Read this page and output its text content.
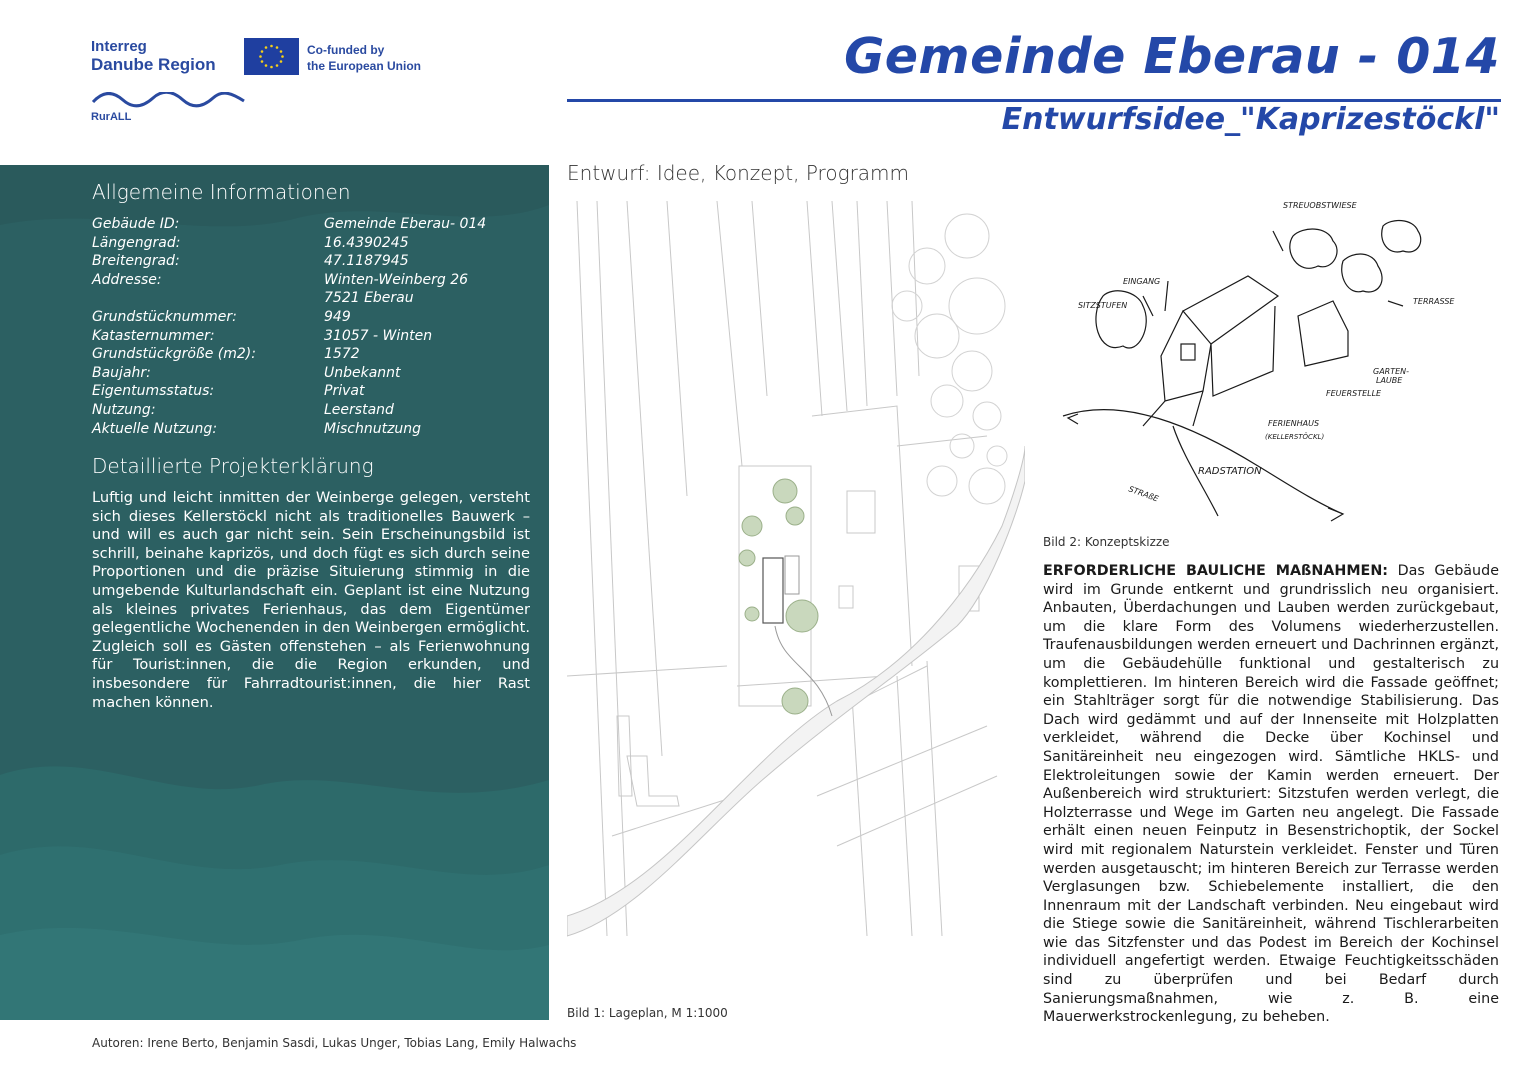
Interreg
Danube Region
Co-funded by
the European Union
RurALL
Gemeinde Eberau - 014
Entwurfsidee_"Kaprizestöckl"
Allgemeine Informationen
Gebäude ID:	Gemeinde Eberau- 014
Längengrad:	16.4390245
Breitengrad:	47.1187945
Addresse:	Winten-Weinberg 26
7521 Eberau
Grundstücknummer:	949
Katasternummer:	31057 - Winten
Grundstückgröße (m2):	1572
Baujahr:	Unbekannt
Eigentumsstatus:	Privat
Nutzung:	Leerstand
Aktuelle Nutzung:	Mischnutzung
Detaillierte Projekterklärung
Luftig und leicht inmitten der Weinberge gelegen, versteht sich dieses Kellerstöckl nicht als traditionelles Bauwerk – und will es auch gar nicht sein. Sein Erscheinungsbild ist schrill, beinahe kaprizös, und doch fügt es sich durch seine Proportionen und die präzise Situierung stimmig in die umgebende Kulturlandschaft ein. Geplant ist eine Nutzung als kleines privates Ferienhaus, das dem Eigentümer gelegentliche Wochenenden in den Weinbergen ermöglicht. Zugleich soll es Gästen offenstehen – als Ferienwohnung für Tourist:innen, die die Region erkunden, und insbesondere für Fahrradtourist:innen, die hier Rast machen können.
Entwurf: Idee, Konzept, Programm
Bild 1: Lageplan, M 1:1000
STREUOBSTWIESE
EINGANG
SITZSTUFEN	TERRASSE
GARTEN-
LAUBE
FEUERSTELLE
FERIENHAUS
(KELLERSTÖCKL)
RADSTATION
STRAßE
Bild 2: Konzeptskizze
ERFORDERLICHE BAULICHE MAßNAHMEN: Das Gebäude wird im Grunde entkernt und grundrisslich neu organisiert. Anbauten, Überdachungen und Lauben werden zurückgebaut, um die klare Form des Volumens wiederherzustellen. Traufenausbildungen werden erneuert und Dachrinnen ergänzt, um die Gebäudehülle funktional und gestalterisch zu komplettieren. Im hinteren Bereich wird die Fassade geöffnet; ein Stahlträger sorgt für die notwendige Stabilisierung. Das Dach wird gedämmt und auf der Innenseite mit Holzplatten verkleidet, während die Decke über Kochinsel und Sanitäreinheit neu eingezogen wird. Sämtliche HKLS- und Elektroleitungen sowie der Kamin werden erneuert. Der Außenbereich wird strukturiert: Sitzstufen werden verlegt, die Holzterrasse und Wege im Garten neu angelegt. Die Fassade erhält einen neuen Feinputz in Besenstrichoptik, der Sockel wird mit regionalem Naturstein verkleidet. Fenster und Türen werden ausgetauscht; im hinteren Bereich zur Terrasse werden Verglasungen bzw. Schiebelemente installiert, die den Innenraum mit der Landschaft verbinden. Neu eingebaut wird die Stiege sowie die Sanitäreinheit, während Tischlerarbeiten wie das Sitzfenster und das Podest im Bereich der Kochinsel individuell angefertigt werden. Etwaige Feuchtigkeitsschäden sind zu überprüfen und bei Bedarf durch Sanierungsmaßnahmen, wie z. B. eine Mauerwerkstrockenlegung, zu beheben.
Autoren: Irene Berto, Benjamin Sasdi, Lukas Unger, Tobias Lang, Emily Halwachs
